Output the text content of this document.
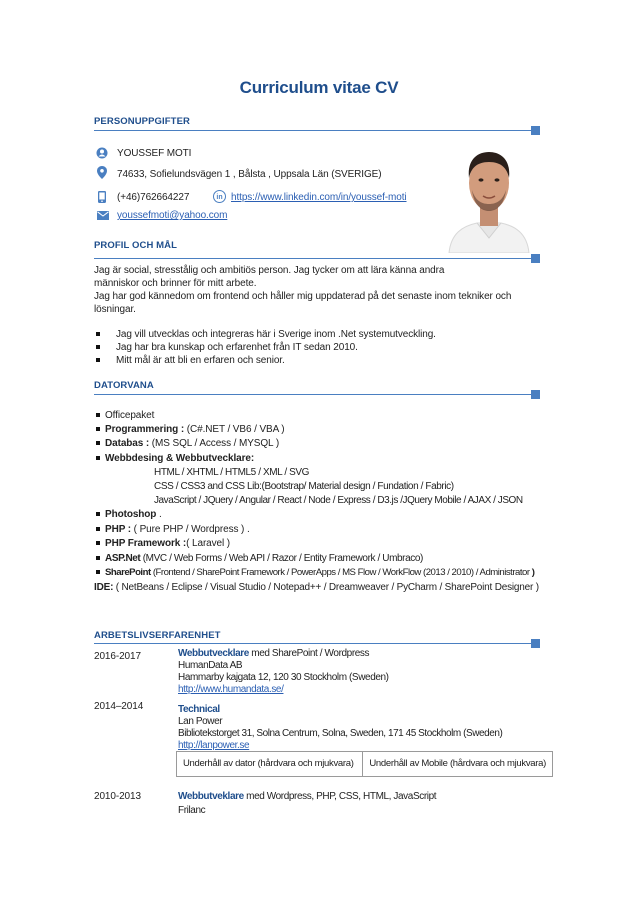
Curriculum vitae CV
PERSONUPPGIFTER
YOUSSEF MOTI
74633, Sofielundsvägen 1 , Bålsta , Uppsala Län (SVERIGE)
(+46)762664227	in https://www.linkedin.com/in/youssef-moti
youssefmoti@yahoo.com
PROFIL OCH MÅL
Jag är social, stresstålig och ambitiös person. Jag tycker om att lära känna andra
människor och brinner för mitt arbete.
Jag har god kännedom om frontend och håller mig uppdaterad på det senaste inom tekniker och
lösningar.
Jag vill utvecklas och integreras här i Sverige inom .Net systemutveckling.
Jag har bra kunskap och erfarenhet från IT sedan 2010.
Mitt mål är att bli en erfaren och senior.
DATORVANA
Officepaket
Programmering : (C#.NET / VB6 / VBA )
Databas : (MS SQL / Access / MYSQL )
Webbdesing & Webbutvecklare:
HTML / XHTML / HTML5 / XML / SVG
CSS / CSS3 and CSS Lib:(Bootstrap/ Material design / Fundation / Fabric)
JavaScript / JQuery / Angular / React / Node / Express / D3.js /JQuery Mobile / AJAX / JSON
Photoshop .
PHP : ( Pure PHP / Wordpress ) .
PHP Framework :( Laravel )
ASP.Net (MVC / Web Forms / Web API / Razor / Entity Framework / Umbraco)
SharePoint (Frontend / SharePoint Framework / PowerApps / MS Flow / WorkFlow (2013 / 2010) / Administrator )
IDE: ( NetBeans / Eclipse / Visual Studio / Notepad++ / Dreamweaver / PyCharm / SharePoint Designer )
ARBETSLIVSERFARENHET
2016-2017	Webbutvecklare med SharePoint / Wordpress
HumanData AB
Hammarby kajgata 12, 120 30 Stockholm (Sweden)
http://www.humandata.se/
2014–2014	Technical
Lan Power
Bibliotekstorget 31, Solna Centrum, Solna, Sweden, 171 45 Stockholm (Sweden)
http://lanpower.se
Underhåll av dator (hårdvara och mjukvara)	Underhåll av Mobile (hårdvara och mjukvara)
2010-2013	Webbutveklare med Wordpress, PHP, CSS, HTML, JavaScript
Frilanc
